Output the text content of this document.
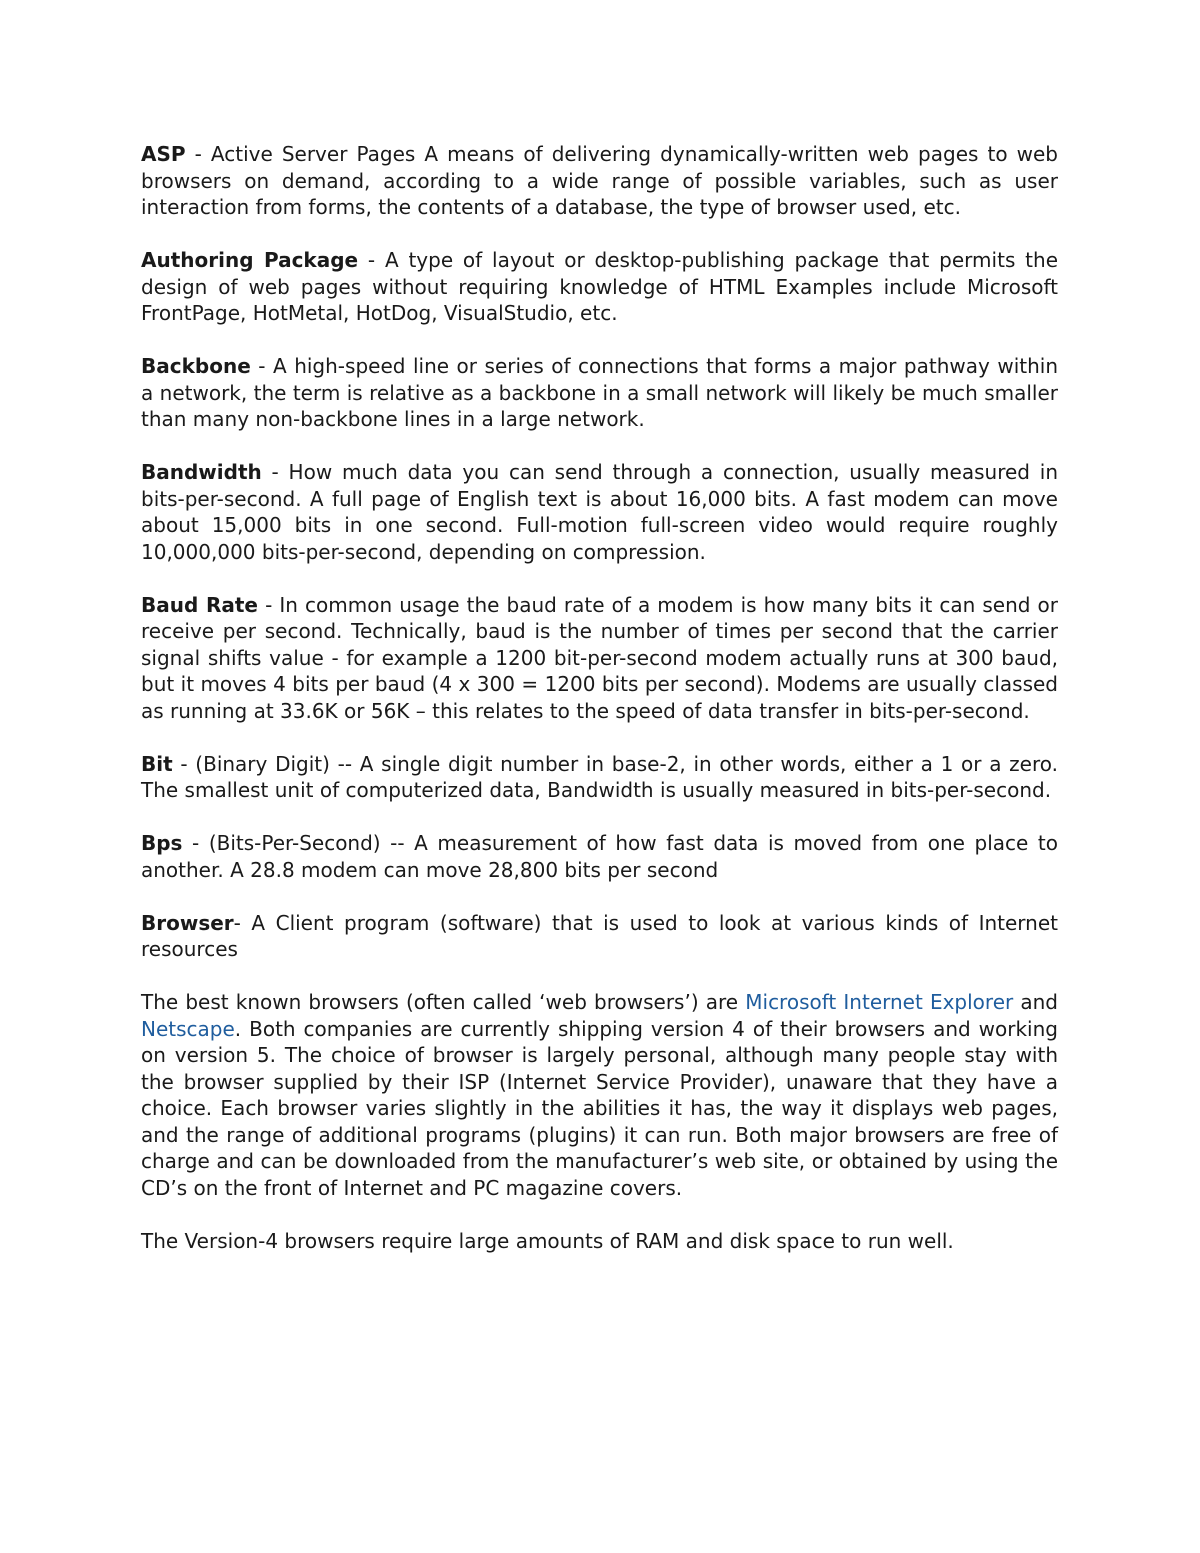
ASP - Active Server Pages A means of delivering dynamically-written web pages to web browsers on demand, according to a wide range of possible variables, such as user interaction from forms, the contents of a database, the type of browser used, etc.

Authoring Package - A type of layout or desktop-publishing package that permits the design of web pages without requiring knowledge of HTML Examples include Microsoft FrontPage, HotMetal, HotDog, VisualStudio, etc.

Backbone - A high-speed line or series of connections that forms a major pathway within a network, the term is relative as a backbone in a small network will likely be much smaller than many non-backbone lines in a large network.

Bandwidth - How much data you can send through a connection, usually measured in bits-per-second. A full page of English text is about 16,000 bits. A fast modem can move about 15,000 bits in one second. Full-motion full-screen video would require roughly 10,000,000 bits-per-second, depending on compression.

Baud Rate - In common usage the baud rate of a modem is how many bits it can send or receive per second. Technically, baud is the number of times per second that the carrier signal shifts value - for example a 1200 bit-per-second modem actually runs at 300 baud, but it moves 4 bits per baud (4 x 300 = 1200 bits per second). Modems are usually classed as running at 33.6K or 56K – this relates to the speed of data transfer in bits-per-second.

Bit - (Binary Digit) -- A single digit number in base-2, in other words, either a 1 or a zero. The smallest unit of computerized data, Bandwidth is usually measured in bits-per-second.

Bps - (Bits-Per-Second) -- A measurement of how fast data is moved from one place to another. A 28.8 modem can move 28,800 bits per second

Browser- A Client program (software) that is used to look at various kinds of Internet resources

The best known browsers (often called ‘web browsers’) are Microsoft Internet Explorer and Netscape. Both companies are currently shipping version 4 of their browsers and working on version 5. The choice of browser is largely personal, although many people stay with the browser supplied by their ISP (Internet Service Provider), unaware that they have a choice. Each browser varies slightly in the abilities it has, the way it displays web pages, and the range of additional programs (plugins) it can run. Both major browsers are free of charge and can be downloaded from the manufacturer’s web site, or obtained by using the CD’s on the front of Internet and PC magazine covers.

The Version-4 browsers require large amounts of RAM and disk space to run well.
